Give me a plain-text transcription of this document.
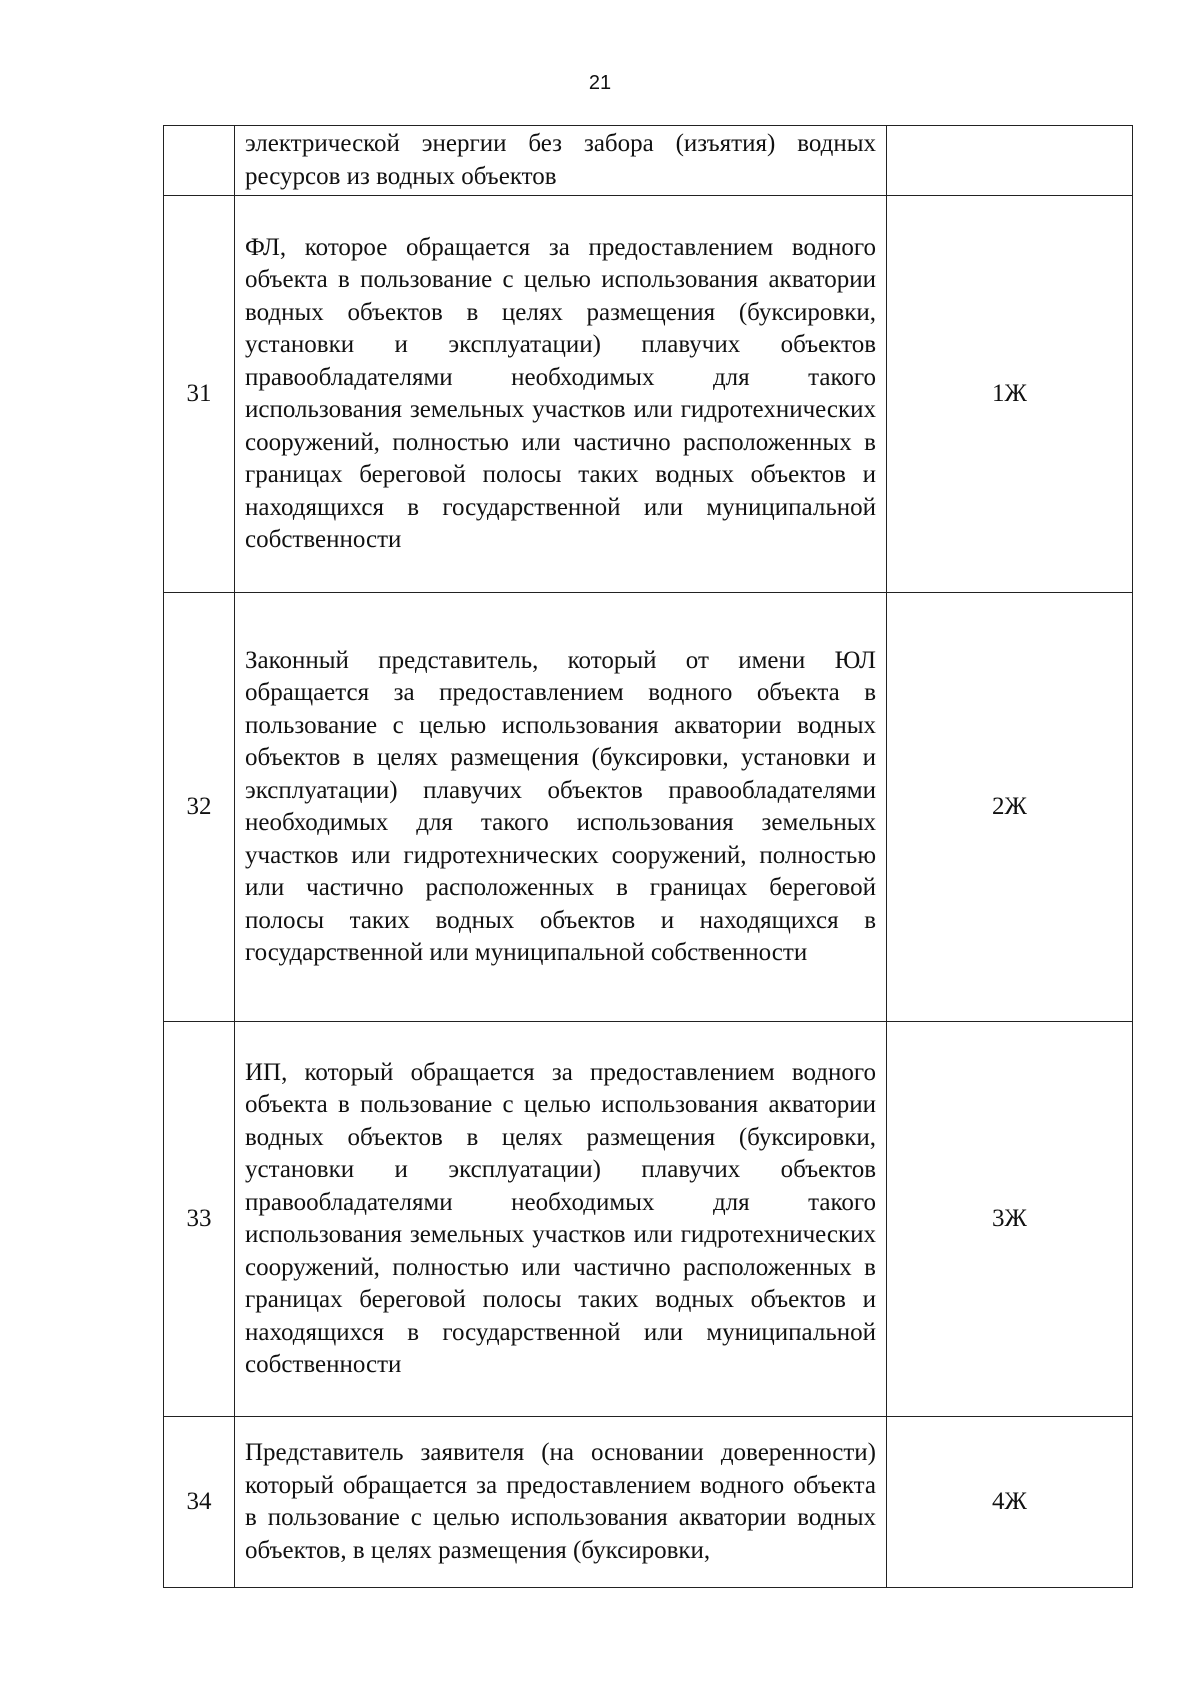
21

	электрической энергии без забора (изъятия) водных ресурсов из водных объектов	

31	ФЛ, которое обращается за предоставлением водного объекта в пользование с целью использования акватории водных объектов в целях размещения (буксировки, установки и эксплуатации) плавучих объектов правообладателями необходимых для такого использования земельных участков или гидротехнических сооружений, полностью или частично расположенных в границах береговой полосы таких водных объектов и находящихся в государственной или муниципальной собственности	1Ж
32	Законный представитель, который от имени ЮЛ обращается за предоставлением водного объекта в пользование с целью использования акватории водных объектов в целях размещения (буксировки, установки и эксплуатации) плавучих объектов правообладателями необходимых для такого использования земельных участков или гидротехнических сооружений, полностью или частично расположенных в границах береговой полосы таких водных объектов и находящихся в государственной или муниципальной собственности	2Ж
33	ИП, который обращается за предоставлением водного объекта в пользование с целью использования акватории водных объектов в целях размещения (буксировки, установки и эксплуатации) плавучих объектов правообладателями необходимых для такого использования земельных участков или гидротехнических сооружений, полностью или частично расположенных в границах береговой полосы таких водных объектов и находящихся в государственной или муниципальной собственности	3Ж
34	Представитель заявителя (на основании доверенности) который обращается за предоставлением водного объекта в пользование с целью использования акватории водных объектов, в целях размещения (буксировки,	4Ж
